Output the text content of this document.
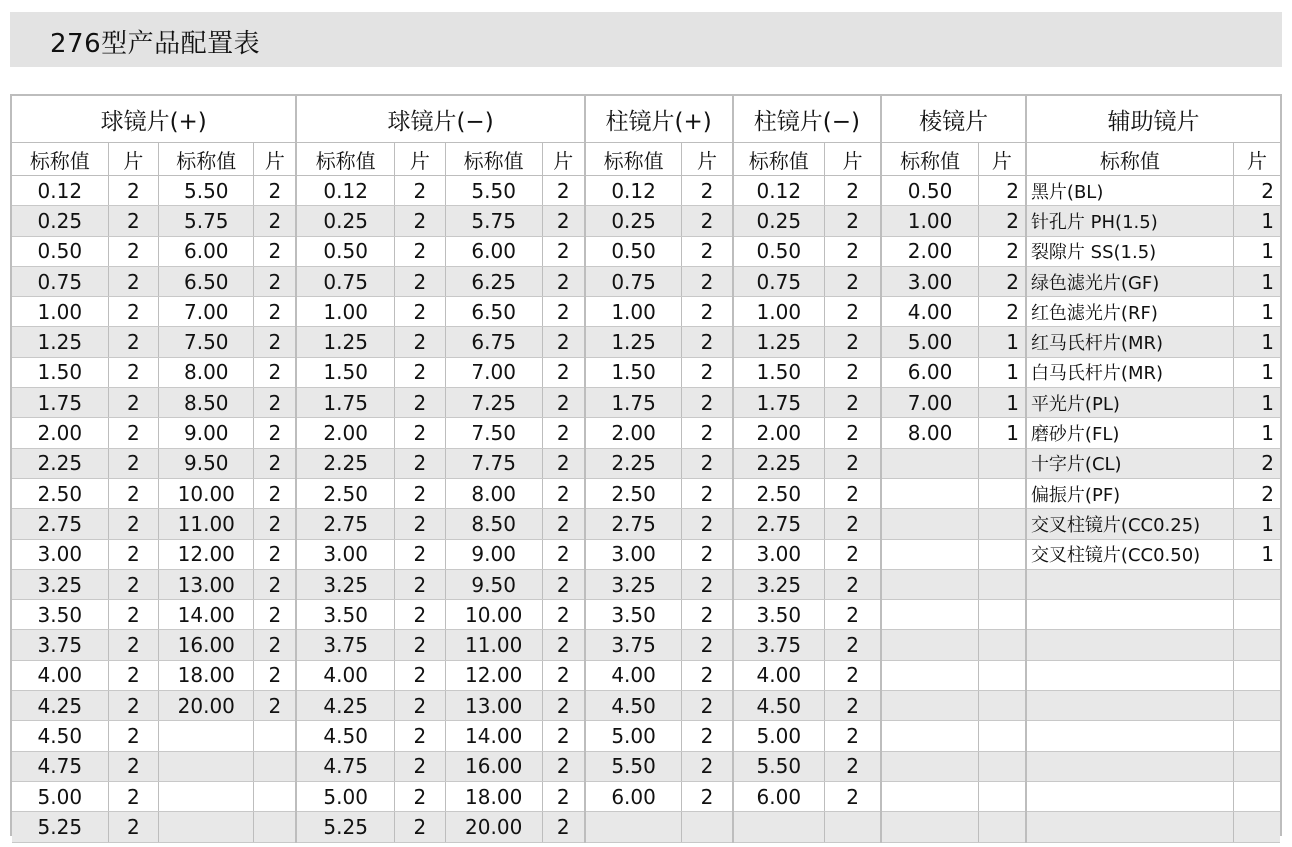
276型产品配置表
球镜片(+)				球镜片(−)				柱镜片(+)		柱镜片(−)		棱镜片		辅助镜片	
标称值	片	标称值	片	标称值	片	标称值	片	标称值	片	标称值	片	标称值	片	标称值	片
0.12	2	5.50	2	0.12	2	5.50	2	0.12	2	0.12	2	0.50	2	黑片(BL)	2
0.25	2	5.75	2	0.25	2	5.75	2	0.25	2	0.25	2	1.00	2	针孔片 PH(1.5)	1
0.50	2	6.00	2	0.50	2	6.00	2	0.50	2	0.50	2	2.00	2	裂隙片 SS(1.5)	1
0.75	2	6.50	2	0.75	2	6.25	2	0.75	2	0.75	2	3.00	2	绿色滤光片(GF)	1
1.00	2	7.00	2	1.00	2	6.50	2	1.00	2	1.00	2	4.00	2	红色滤光片(RF)	1
1.25	2	7.50	2	1.25	2	6.75	2	1.25	2	1.25	2	5.00	1	红马氏杆片(MR)	1
1.50	2	8.00	2	1.50	2	7.00	2	1.50	2	1.50	2	6.00	1	白马氏杆片(MR)	1
1.75	2	8.50	2	1.75	2	7.25	2	1.75	2	1.75	2	7.00	1	平光片(PL)	1
2.00	2	9.00	2	2.00	2	7.50	2	2.00	2	2.00	2	8.00	1	磨砂片(FL)	1
2.25	2	9.50	2	2.25	2	7.75	2	2.25	2	2.25	2			十字片(CL)	2
2.50	2	10.00	2	2.50	2	8.00	2	2.50	2	2.50	2			偏振片(PF)	2
2.75	2	11.00	2	2.75	2	8.50	2	2.75	2	2.75	2			交叉柱镜片(CC0.25)	1
3.00	2	12.00	2	3.00	2	9.00	2	3.00	2	3.00	2			交叉柱镜片(CC0.50)	1
3.25	2	13.00	2	3.25	2	9.50	2	3.25	2	3.25	2				
3.50	2	14.00	2	3.50	2	10.00	2	3.50	2	3.50	2				
3.75	2	16.00	2	3.75	2	11.00	2	3.75	2	3.75	2				
4.00	2	18.00	2	4.00	2	12.00	2	4.00	2	4.00	2				
4.25	2	20.00	2	4.25	2	13.00	2	4.50	2	4.50	2				
4.50	2			4.50	2	14.00	2	5.00	2	5.00	2				
4.75	2			4.75	2	16.00	2	5.50	2	5.50	2				
5.00	2			5.00	2	18.00	2	6.00	2	6.00	2				
5.25	2			5.25	2	20.00	2								
